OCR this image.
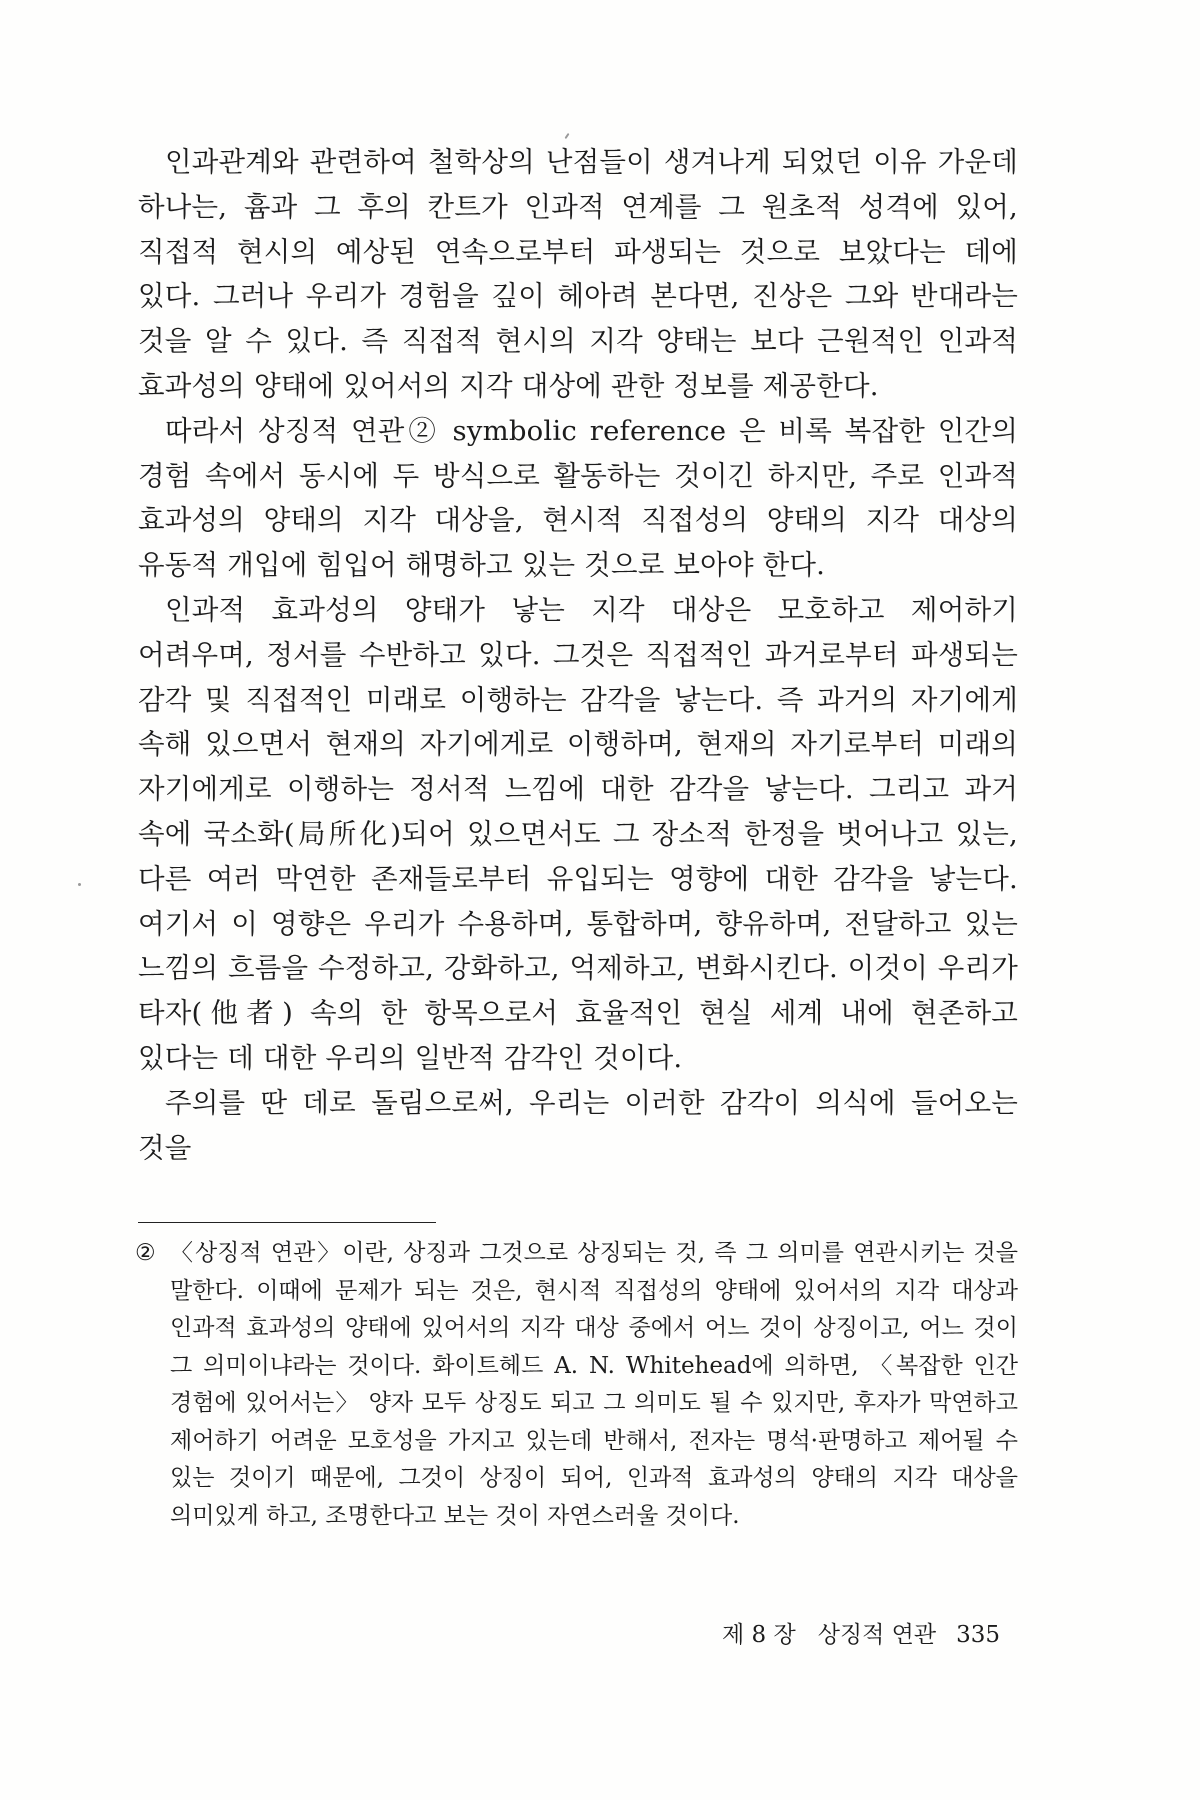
인과관계와 관련하여 철학상의 난점들이 생겨나게 되었던 이유 가운데 하나는, 흄과 그 후의 칸트가 인과적 연계를 그 원초적 성격에 있어, 직접적 현시의 예상된 연속으로부터 파생되는 것으로 보았다는 데에 있다. 그러나 우리가 경험을 깊이 헤아려 본다면, 진상은 그와 반대라는 것을 알 수 있다. 즉 직접적 현시의 지각 양태는 보다 근원적인 인과적 효과성의 양태에 있어서의 지각 대상에 관한 정보를 제공한다.

따라서 상징적 연관② symbolic reference 은 비록 복잡한 인간의 경험 속에서 동시에 두 방식으로 활동하는 것이긴 하지만, 주로 인과적 효과성의 양태의 지각 대상을, 현시적 직접성의 양태의 지각 대상의 유동적 개입에 힘입어 해명하고 있는 것으로 보아야 한다.

인과적 효과성의 양태가 낳는 지각 대상은 모호하고 제어하기 어려우며, 정서를 수반하고 있다. 그것은 직접적인 과거로부터 파생되는 감각 및 직접적인 미래로 이행하는 감각을 낳는다. 즉 과거의 자기에게 속해 있으면서 현재의 자기에게로 이행하며, 현재의 자기로부터 미래의 자기에게로 이행하는 정서적 느낌에 대한 감각을 낳는다. 그리고 과거 속에 국소화(局所化)되어 있으면서도 그 장소적 한정을 벗어나고 있는, 다른 여러 막연한 존재들로부터 유입되는 영향에 대한 감각을 낳는다. 여기서 이 영향은 우리가 수용하며, 통합하며, 향유하며, 전달하고 있는 느낌의 흐름을 수정하고, 강화하고, 억제하고, 변화시킨다. 이것이 우리가 타자(他者) 속의 한 항목으로서 효율적인 현실 세계 내에 현존하고 있다는 데 대한 우리의 일반적 감각인 것이다.

주의를 딴 데로 돌림으로써, 우리는 이러한 감각이 의식에 들어오는 것을

② 〈상징적 연관〉이란, 상징과 그것으로 상징되는 것, 즉 그 의미를 연관시키는 것을 말한다. 이때에 문제가 되는 것은, 현시적 직접성의 양태에 있어서의 지각 대상과 인과적 효과성의 양태에 있어서의 지각 대상 중에서 어느 것이 상징이고, 어느 것이 그 의미이냐라는 것이다. 화이트헤드 A. N. Whitehead에 의하면, 〈복잡한 인간 경험에 있어서는〉 양자 모두 상징도 되고 그 의미도 될 수 있지만, 후자가 막연하고 제어하기 어려운 모호성을 가지고 있는데 반해서, 전자는 명석·판명하고 제어될 수 있는 것이기 때문에, 그것이 상징이 되어, 인과적 효과성의 양태의 지각 대상을 의미있게 하고, 조명한다고 보는 것이 자연스러울 것이다.
제 8 장 상징적 연관 335
